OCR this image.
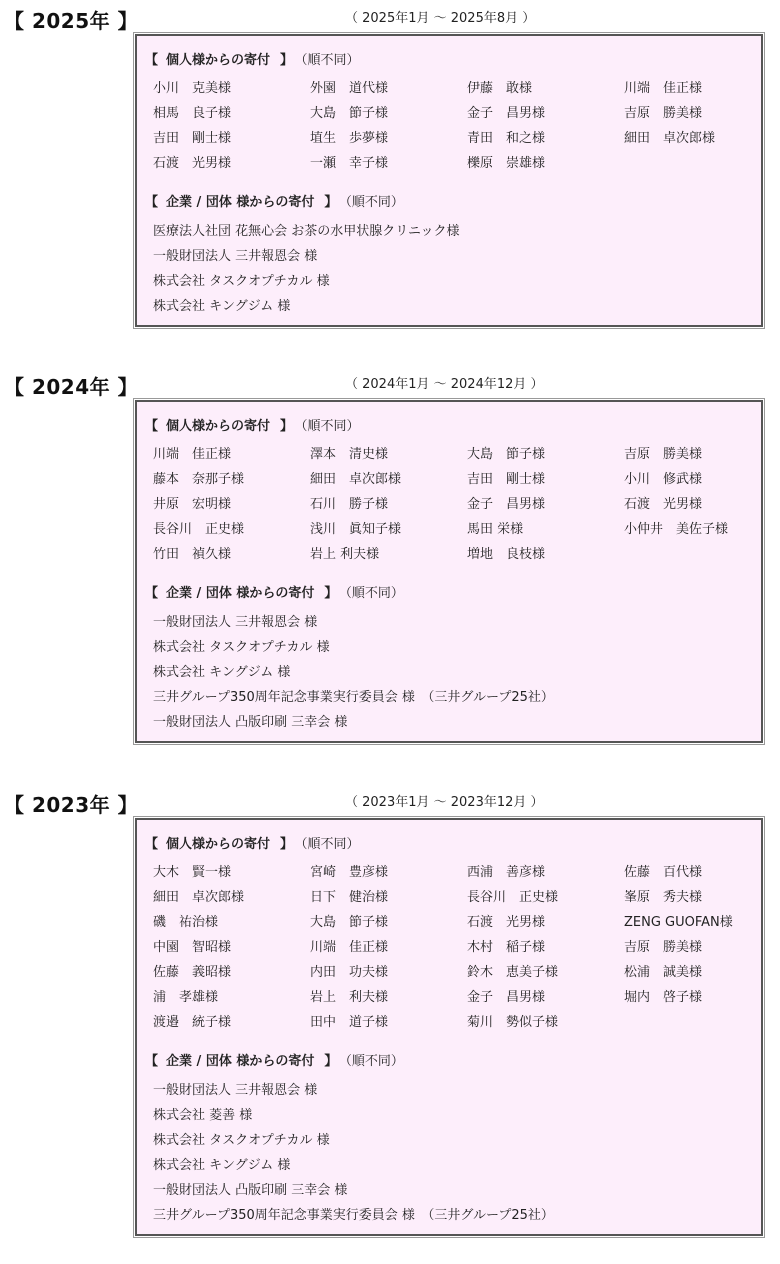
【 2025年 】	（ 2025年1月 〜 2025年8月 ）
【 個人様からの寄付 】 （順不同）
小川　克美様	外園　道代様	伊藤　敢様	川端　佳正様
相馬　良子様	大島　節子様	金子　昌男様	吉原　勝美様
吉田　剛士様	埴生　歩夢様	青田　和之様	細田　卓次郎様
石渡　光男様	一瀬　幸子様	櫟原　崇雄様
【 企業 / 団体 様からの寄付 】 （順不同）
医療法人社団 花無心会 お茶の水甲状腺クリニック様
一般財団法人 三井報恩会 様
株式会社 タスクオプチカル 様
株式会社 キングジム 様
【 2024年 】	（ 2024年1月 〜 2024年12月 ）
【 個人様からの寄付 】 （順不同）
川端　佳正様	澤本　清史様	大島　節子様	吉原　勝美様
藤本　奈那子様	細田　卓次郎様	吉田　剛士様	小川　修武様
井原　宏明様	石川　勝子様	金子　昌男様	石渡　光男様
長谷川　正史様	浅川　眞知子様	馬田 栄様	小仲井　美佐子様
竹田　禎久様	岩上 利夫様	増地　良枝様
【 企業 / 団体 様からの寄付 】 （順不同）
一般財団法人 三井報恩会 様
株式会社 タスクオプチカル 様
株式会社 キングジム 様
三井グループ350周年記念事業実行委員会 様　（三井グループ25社）
一般財団法人 凸版印刷 三幸会 様
【 2023年 】	（ 2023年1月 〜 2023年12月 ）
【 個人様からの寄付 】 （順不同）
大木　賢一様	宮崎　豊彦様	西浦　善彦様	佐藤　百代様
細田　卓次郎様	日下　健治様	長谷川　正史様	峯原　秀夫様
磯　祐治様	大島　節子様	石渡　光男様	ZENG GUOFAN様
中園　智昭様	川端　佳正様	木村　稲子様	吉原　勝美様
佐藤　義昭様	内田　功夫様	鈴木　恵美子様	松浦　誠美様
浦　孝雄様	岩上　利夫様	金子　昌男様	堀内　啓子様
渡邉　統子様	田中　道子様	菊川　勢似子様
【 企業 / 団体 様からの寄付 】 （順不同）
一般財団法人 三井報恩会 様
株式会社 菱善 様
株式会社 タスクオプチカル 様
株式会社 キングジム 様
一般財団法人 凸版印刷 三幸会 様
三井グループ350周年記念事業実行委員会 様　（三井グループ25社）
